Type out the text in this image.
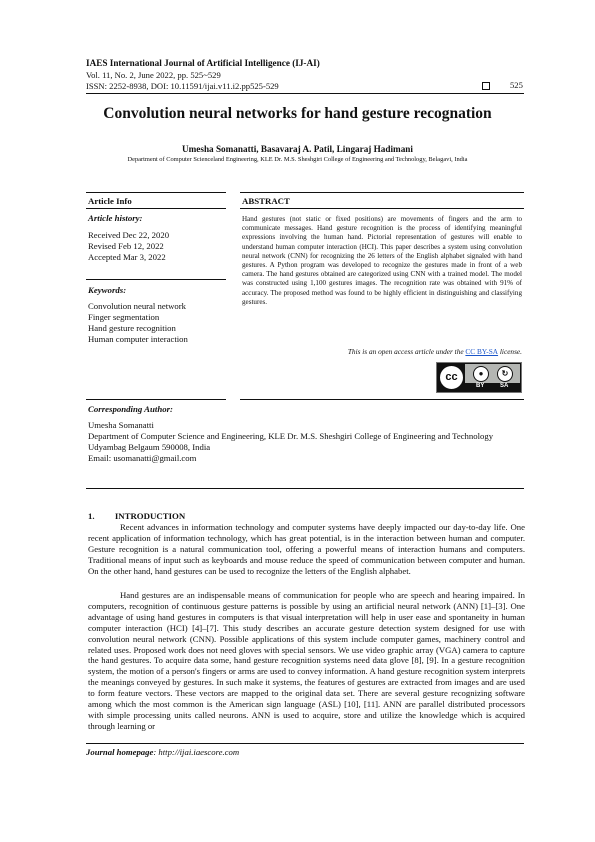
IAES International Journal of Artificial Intelligence (IJ-AI)
Vol. 11, No. 2, June 2022, pp. 525~529
ISSN: 2252-8938, DOI: 10.11591/ijai.v11.i2.pp525-529	525
Convolution neural networks for hand gesture recognation
Umesha Somanatti, Basavaraj A. Patil, Lingaraj Hadimani
Department of Computer Scienceland Engineering, KLE Dr. M.S. Sheshgiri College of Engineering and Technology, Belagavi, India
Article Info	ABSTRACT
Article history:
Received Dec 22, 2020
Revised Feb 12, 2022
Accepted Mar 3, 2022
Keywords:
Convolution neural network
Finger segmentation
Hand gesture recognition
Human computer interaction
Hand gestures (not static or fixed positions) are movements of fingers and the arm to communicate messages. Hand gesture recognition is the process of identifying meaningful expressions involving the human hand. Pictorial representation of gestures will enable to understand human computer interaction (HCI). This paper describes a system using convolution neural network (CNN) for recognizing the 26 letters of the English alphabet signaled with hand gestures. A Python program was developed to recognize the gestures made in front of a web camera. The hand gestures obtained are categorized using CNN with a trained model. The model was constructed using 1,100 gestures images. The recognition rate was obtained with 91% of accuracy. The proposed method was found to be highly efficient in distinguishing and classifying gestures.
This is an open access article under the CC BY-SA license.
cc	●	↻
BY	SA
Corresponding Author:
Umesha Somanatti
Department of Computer Science and Engineering, KLE Dr. M.S. Sheshgiri College of Engineering and Technology
Udyambag Belgaum 590008, India
Email: usomanatti@gmail.com
1. INTRODUCTION
Recent advances in information technology and computer systems have deeply impacted our day-to-day life. One recent application of information technology, which has great potential, is in the interaction between human and computer. Gesture recognition is a natural communication tool, offering a powerful means of interaction humans and computers. Traditional means of input such as keyboards and mouse reduce the speed of communication between computer and human. On the other hand, hand gestures can be used to recognize the letters of the English alphabet.
Hand gestures are an indispensable means of communication for people who are speech and hearing impaired. In computers, recognition of continuous gesture patterns is possible by using an artificial neural network (ANN) [1]–[3]. One advantage of using hand gestures in computers is that visual interpretation will help in user ease and spontaneity in human computer interaction (HCI) [4]–[7]. This study describes an accurate gesture detection system designed for use with convolution neural network (CNN). Possible applications of this system include computer games, machinery control and related uses. Proposed work does not need gloves with special sensors. We use video graphic array (VGA) camera to capture the hand gestures. To acquire data some, hand gesture recognition systems need data glove [8], [9]. In a gesture recognition system, the motion of a person's fingers or arms are used to convey information. A hand gesture recognition system interprets the meanings conveyed by gestures. In such make it systems, the features of gestures are extracted from images and are used to form feature vectors. These vectors are mapped to the original data set. There are several gesture recognizing software among which the most common is the American sign language (ASL) [10], [11]. ANN are parallel distributed processors with simple processing units called neurons. ANN is used to acquire, store and utilize the knowledge which is acquired through learning or
Journal homepage: http://ijai.iaescore.com
